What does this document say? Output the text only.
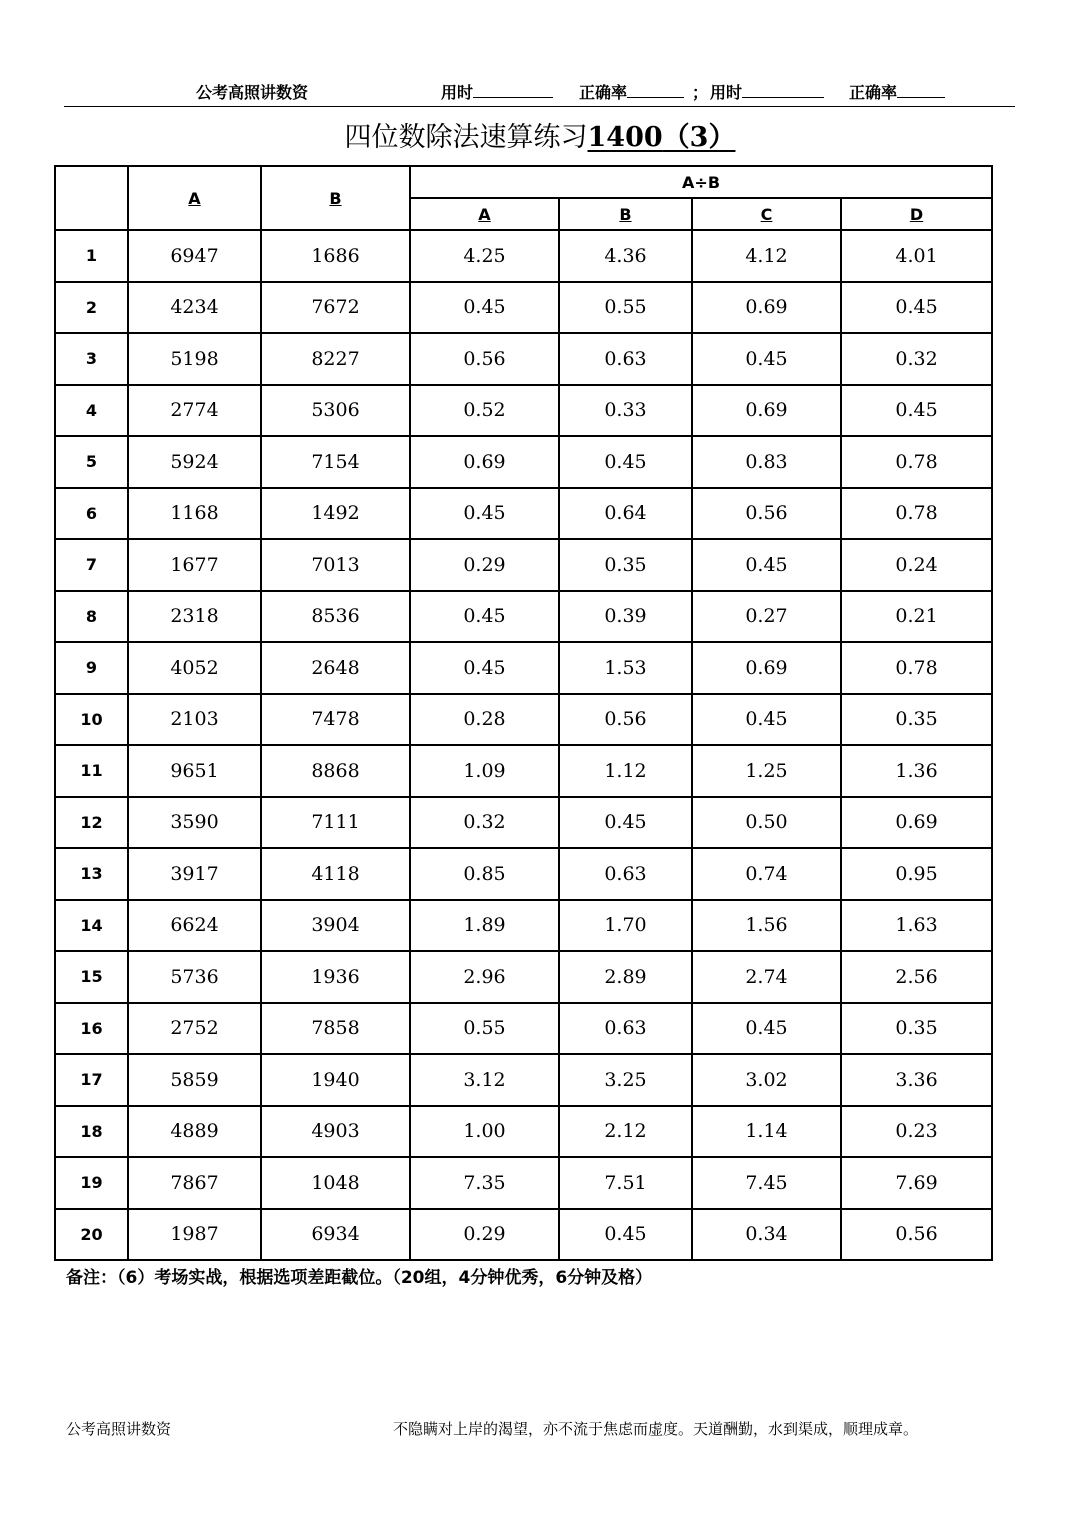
公考高照讲数资	用时	正确率	； 用时	正确率
四位数除法速算练习1400（3）
	A	B	A÷B			
			A	B	C	D
1	6947	1686	4.25	4.36	4.12	4.01
2	4234	7672	0.45	0.55	0.69	0.45
3	5198	8227	0.56	0.63	0.45	0.32
4	2774	5306	0.52	0.33	0.69	0.45
5	5924	7154	0.69	0.45	0.83	0.78
6	1168	1492	0.45	0.64	0.56	0.78
7	1677	7013	0.29	0.35	0.45	0.24
8	2318	8536	0.45	0.39	0.27	0.21
9	4052	2648	0.45	1.53	0.69	0.78
10	2103	7478	0.28	0.56	0.45	0.35
11	9651	8868	1.09	1.12	1.25	1.36
12	3590	7111	0.32	0.45	0.50	0.69
13	3917	4118	0.85	0.63	0.74	0.95
14	6624	3904	1.89	1.70	1.56	1.63
15	5736	1936	2.96	2.89	2.74	2.56
16	2752	7858	0.55	0.63	0.45	0.35
17	5859	1940	3.12	3.25	3.02	3.36
18	4889	4903	1.00	2.12	1.14	0.23
19	7867	1048	7.35	7.51	7.45	7.69
20	1987	6934	0.29	0.45	0.34	0.56
备注：（6）考场实战，根据选项差距截位。（20组，4分钟优秀，6分钟及格）
公考高照讲数资	不隐瞒对上岸的渴望，亦不流于焦虑而虚度。天道酬勤，水到渠成，顺理成章。
